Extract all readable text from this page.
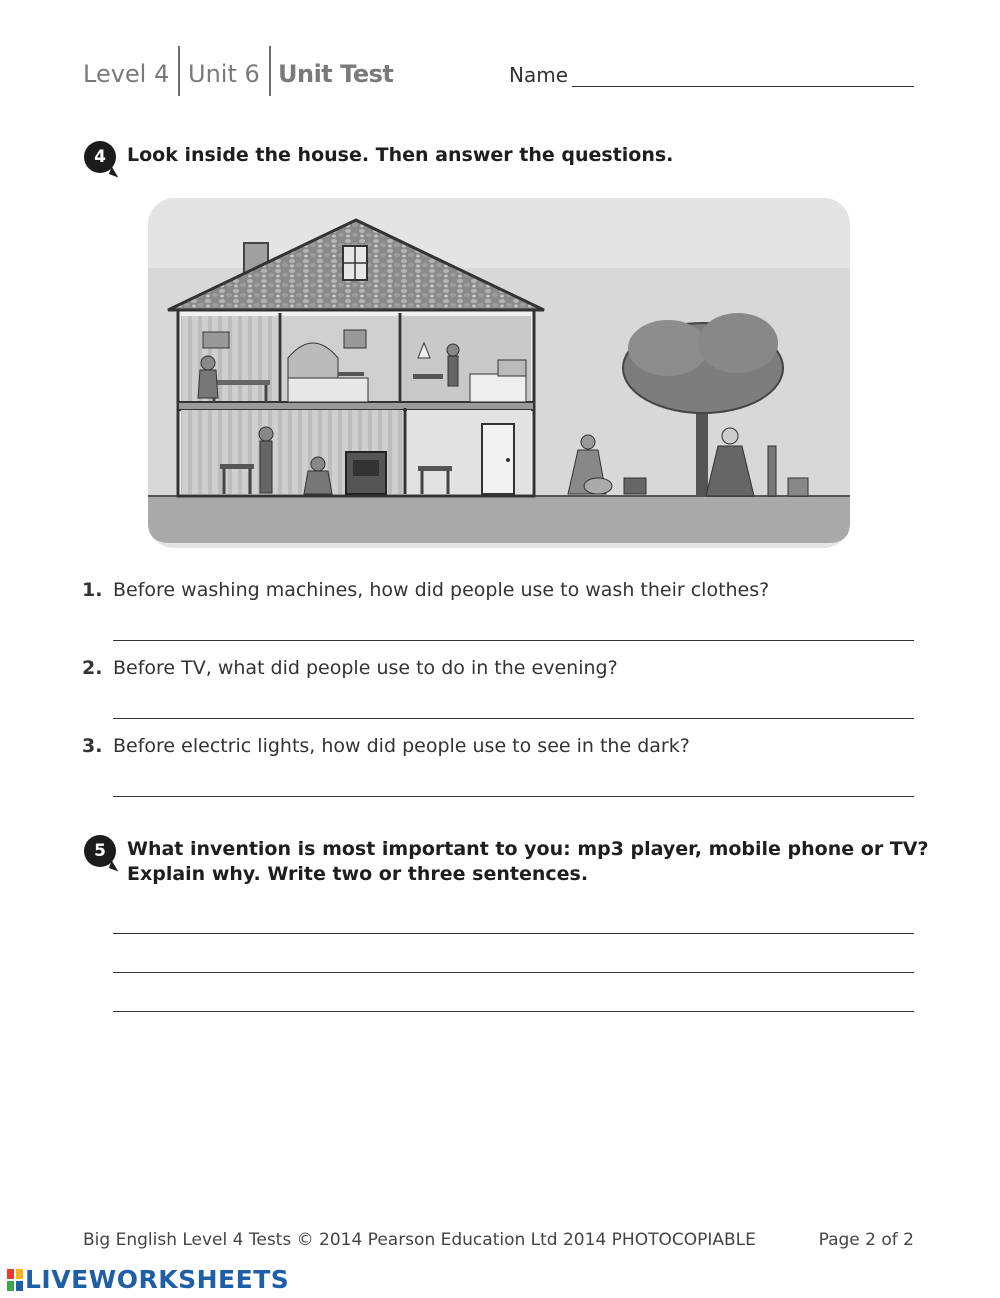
Level 4 Unit 6 Unit Test	Name
4	Look inside the house. Then answer the questions.
1. Before washing machines, how did people use to wash their clothes?
2. Before TV, what did people use to do in the evening?
3. Before electric lights, how did people use to see in the dark?
5	What invention is most important to you: mp3 player, mobile phone or TV?
Explain why. Write two or three sentences.
Big English Level 4 Tests © 2014 Pearson Education Ltd 2014 PHOTOCOPIABLE	Page 2 of 2
LIVEWORKSHEETS
